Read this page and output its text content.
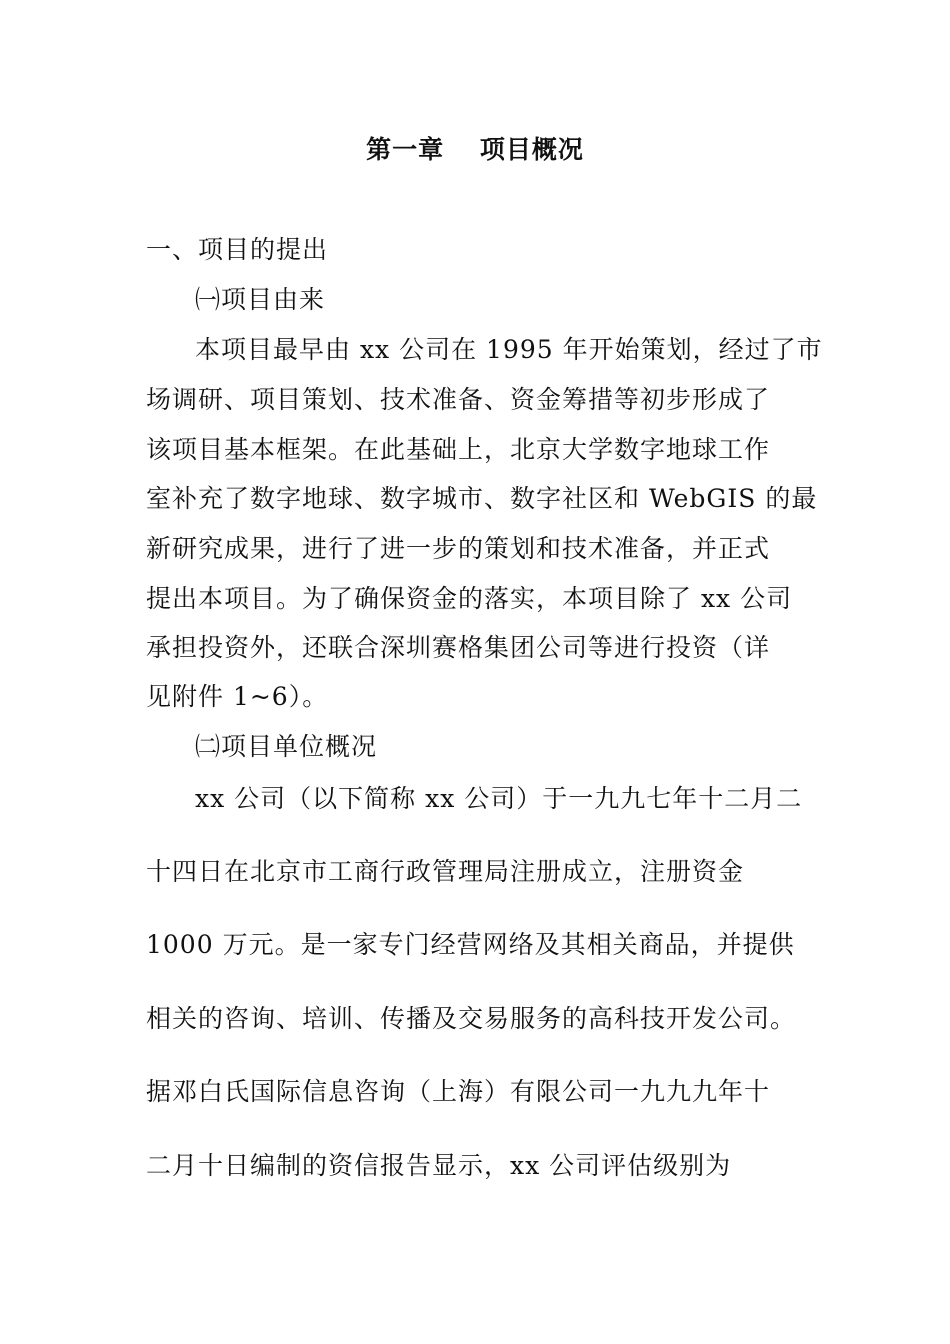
第一章　 项目概况
一、项目的提出
㈠项目由来
本项目最早由 xx 公司在 1995 年开始策划，经过了市
场调研、项目策划、技术准备、资金筹措等初步形成了
该项目基本框架。在此基础上，北京大学数字地球工作
室补充了数字地球、数字城市、数字社区和 WebGIS 的最
新研究成果，进行了进一步的策划和技术准备，并正式
提出本项目。为了确保资金的落实，本项目除了 xx 公司
承担投资外，还联合深圳赛格集团公司等进行投资（详
见附件 1~6）。
㈡项目单位概况
xx 公司（以下简称 xx 公司）于一九九七年十二月二
十四日在北京市工商行政管理局注册成立，注册资金
1000 万元。是一家专门经营网络及其相关商品，并提供
相关的咨询、培训、传播及交易服务的高科技开发公司。
据邓白氏国际信息咨询（上海）有限公司一九九九年十
二月十日编制的资信报告显示，xx 公司评估级别为
